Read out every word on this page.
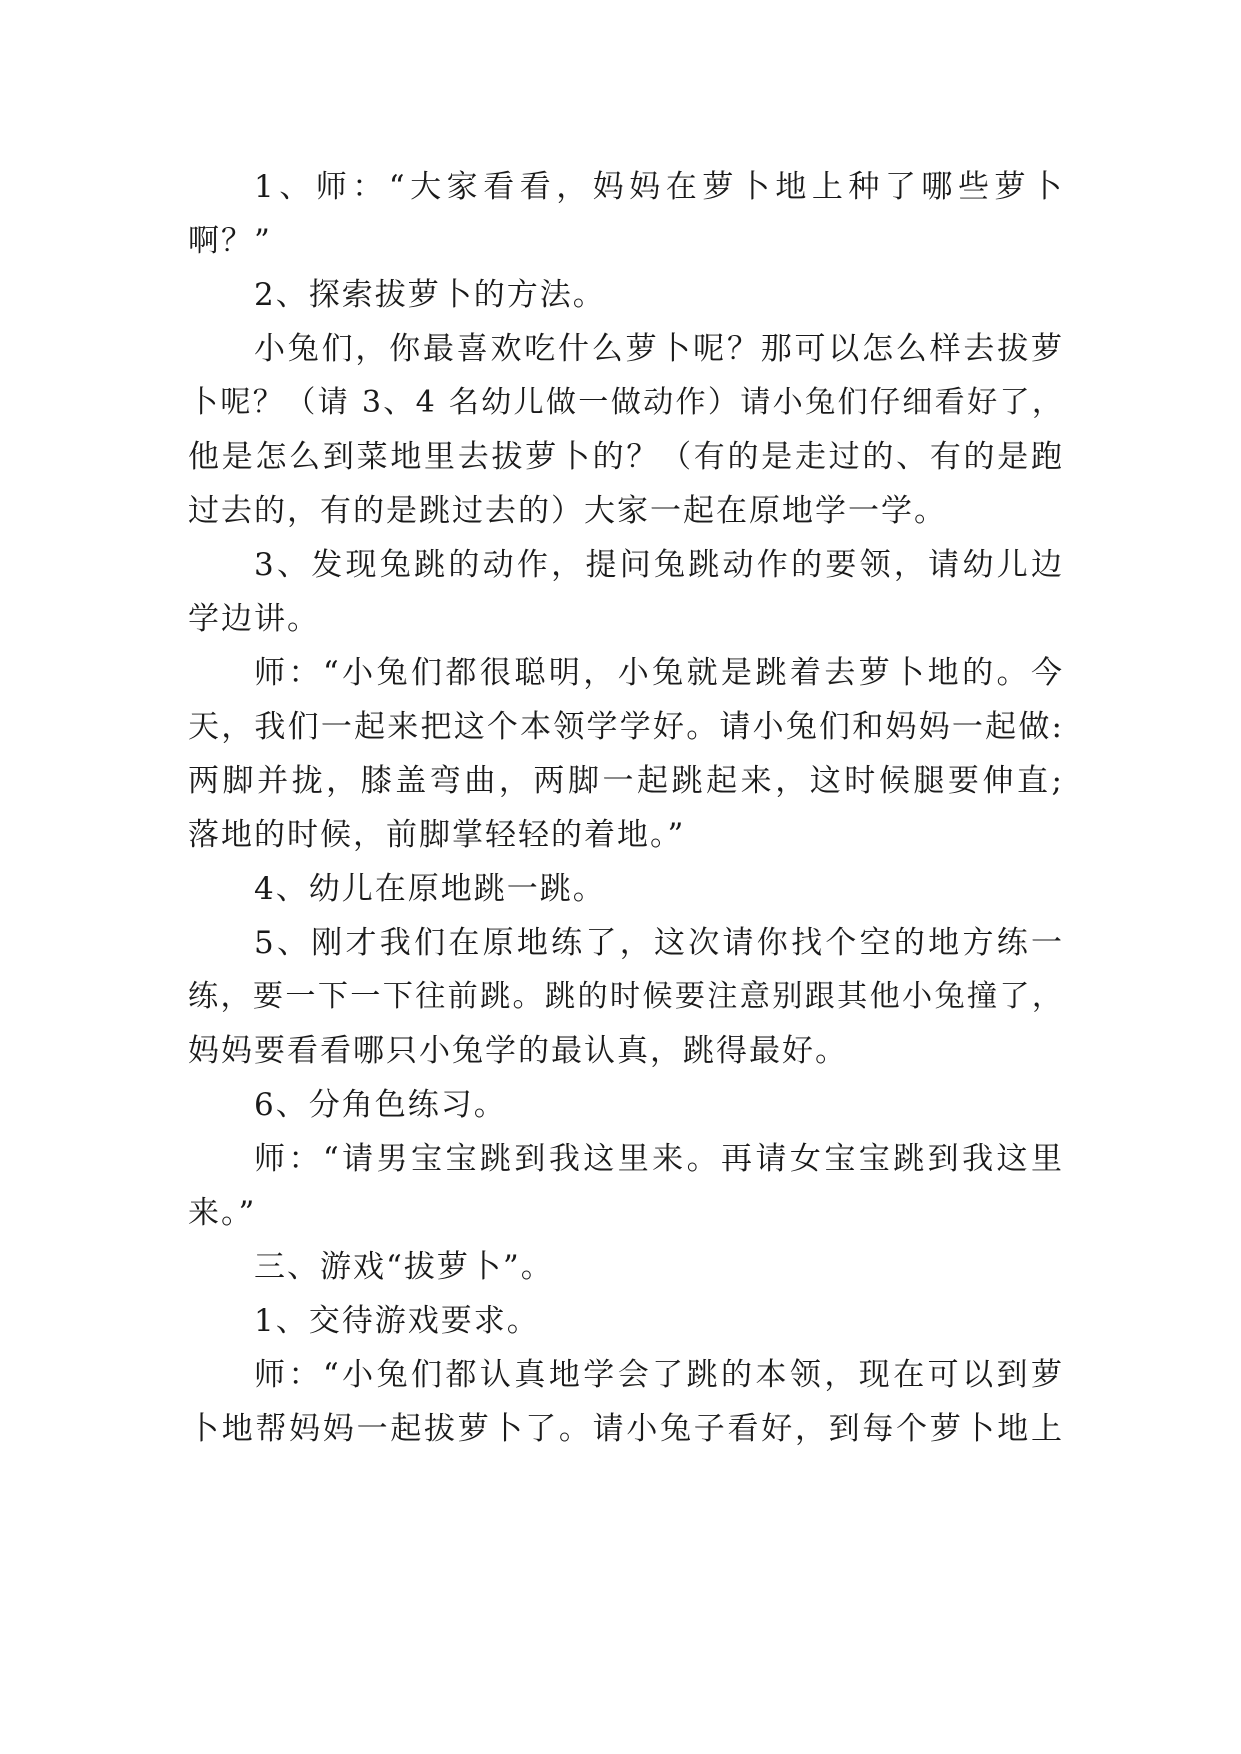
1、师：“大家看看，妈妈在萝卜地上种了哪些萝卜
啊？”
2、探索拔萝卜的方法。
小兔们，你最喜欢吃什么萝卜呢？那可以怎么样去拔萝
卜呢？（请 3、4 名幼儿做一做动作）请小兔们仔细看好了，
他是怎么到菜地里去拔萝卜的？（有的是走过的、有的是跑
过去的，有的是跳过去的）大家一起在原地学一学。
3、发现兔跳的动作，提问兔跳动作的要领，请幼儿边
学边讲。
师：“小兔们都很聪明，小兔就是跳着去萝卜地的。今
天，我们一起来把这个本领学学好。请小兔们和妈妈一起做:
两脚并拢，膝盖弯曲，两脚一起跳起来，这时候腿要伸直;
落地的时候，前脚掌轻轻的着地。”
4、幼儿在原地跳一跳。
5、刚才我们在原地练了，这次请你找个空的地方练一
练，要一下一下往前跳。跳的时候要注意别跟其他小兔撞了，
妈妈要看看哪只小兔学的最认真，跳得最好。
6、分角色练习。
师：“请男宝宝跳到我这里来。再请女宝宝跳到我这里
来。”
三、游戏“拔萝卜”。
1、交待游戏要求。
师：“小兔们都认真地学会了跳的本领，现在可以到萝
卜地帮妈妈一起拔萝卜了。请小兔子看好，到每个萝卜地上
